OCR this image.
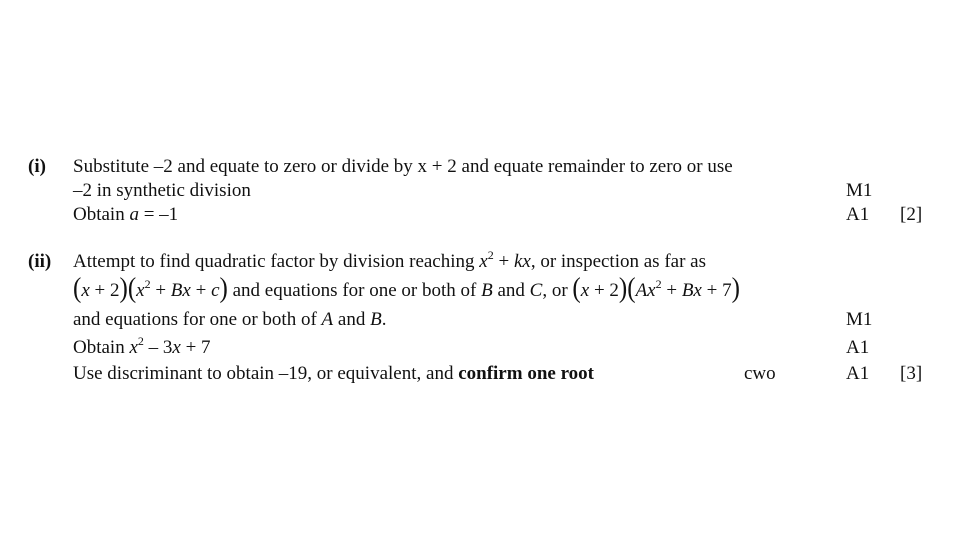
(i) Substitute –2 and equate to zero or divide by x + 2 and equate remainder to zero or use
–2 in synthetic division	M1
Obtain a = –1	A1 [2]
(ii) Attempt to find quadratic factor by division reaching $x^2$ + kx, or inspection as far as
$(x + 2)(x^2 + Bx + c)$ and equations for one or both of B and C, or $(x + 2)(Ax^2 + Bx + 7)$
and equations for one or both of A and B.	M1
Obtain $x^2 - 3x + 7$	A1
Use discriminant to obtain –19, or equivalent, and confirm one root	cwo	A1 [3]
